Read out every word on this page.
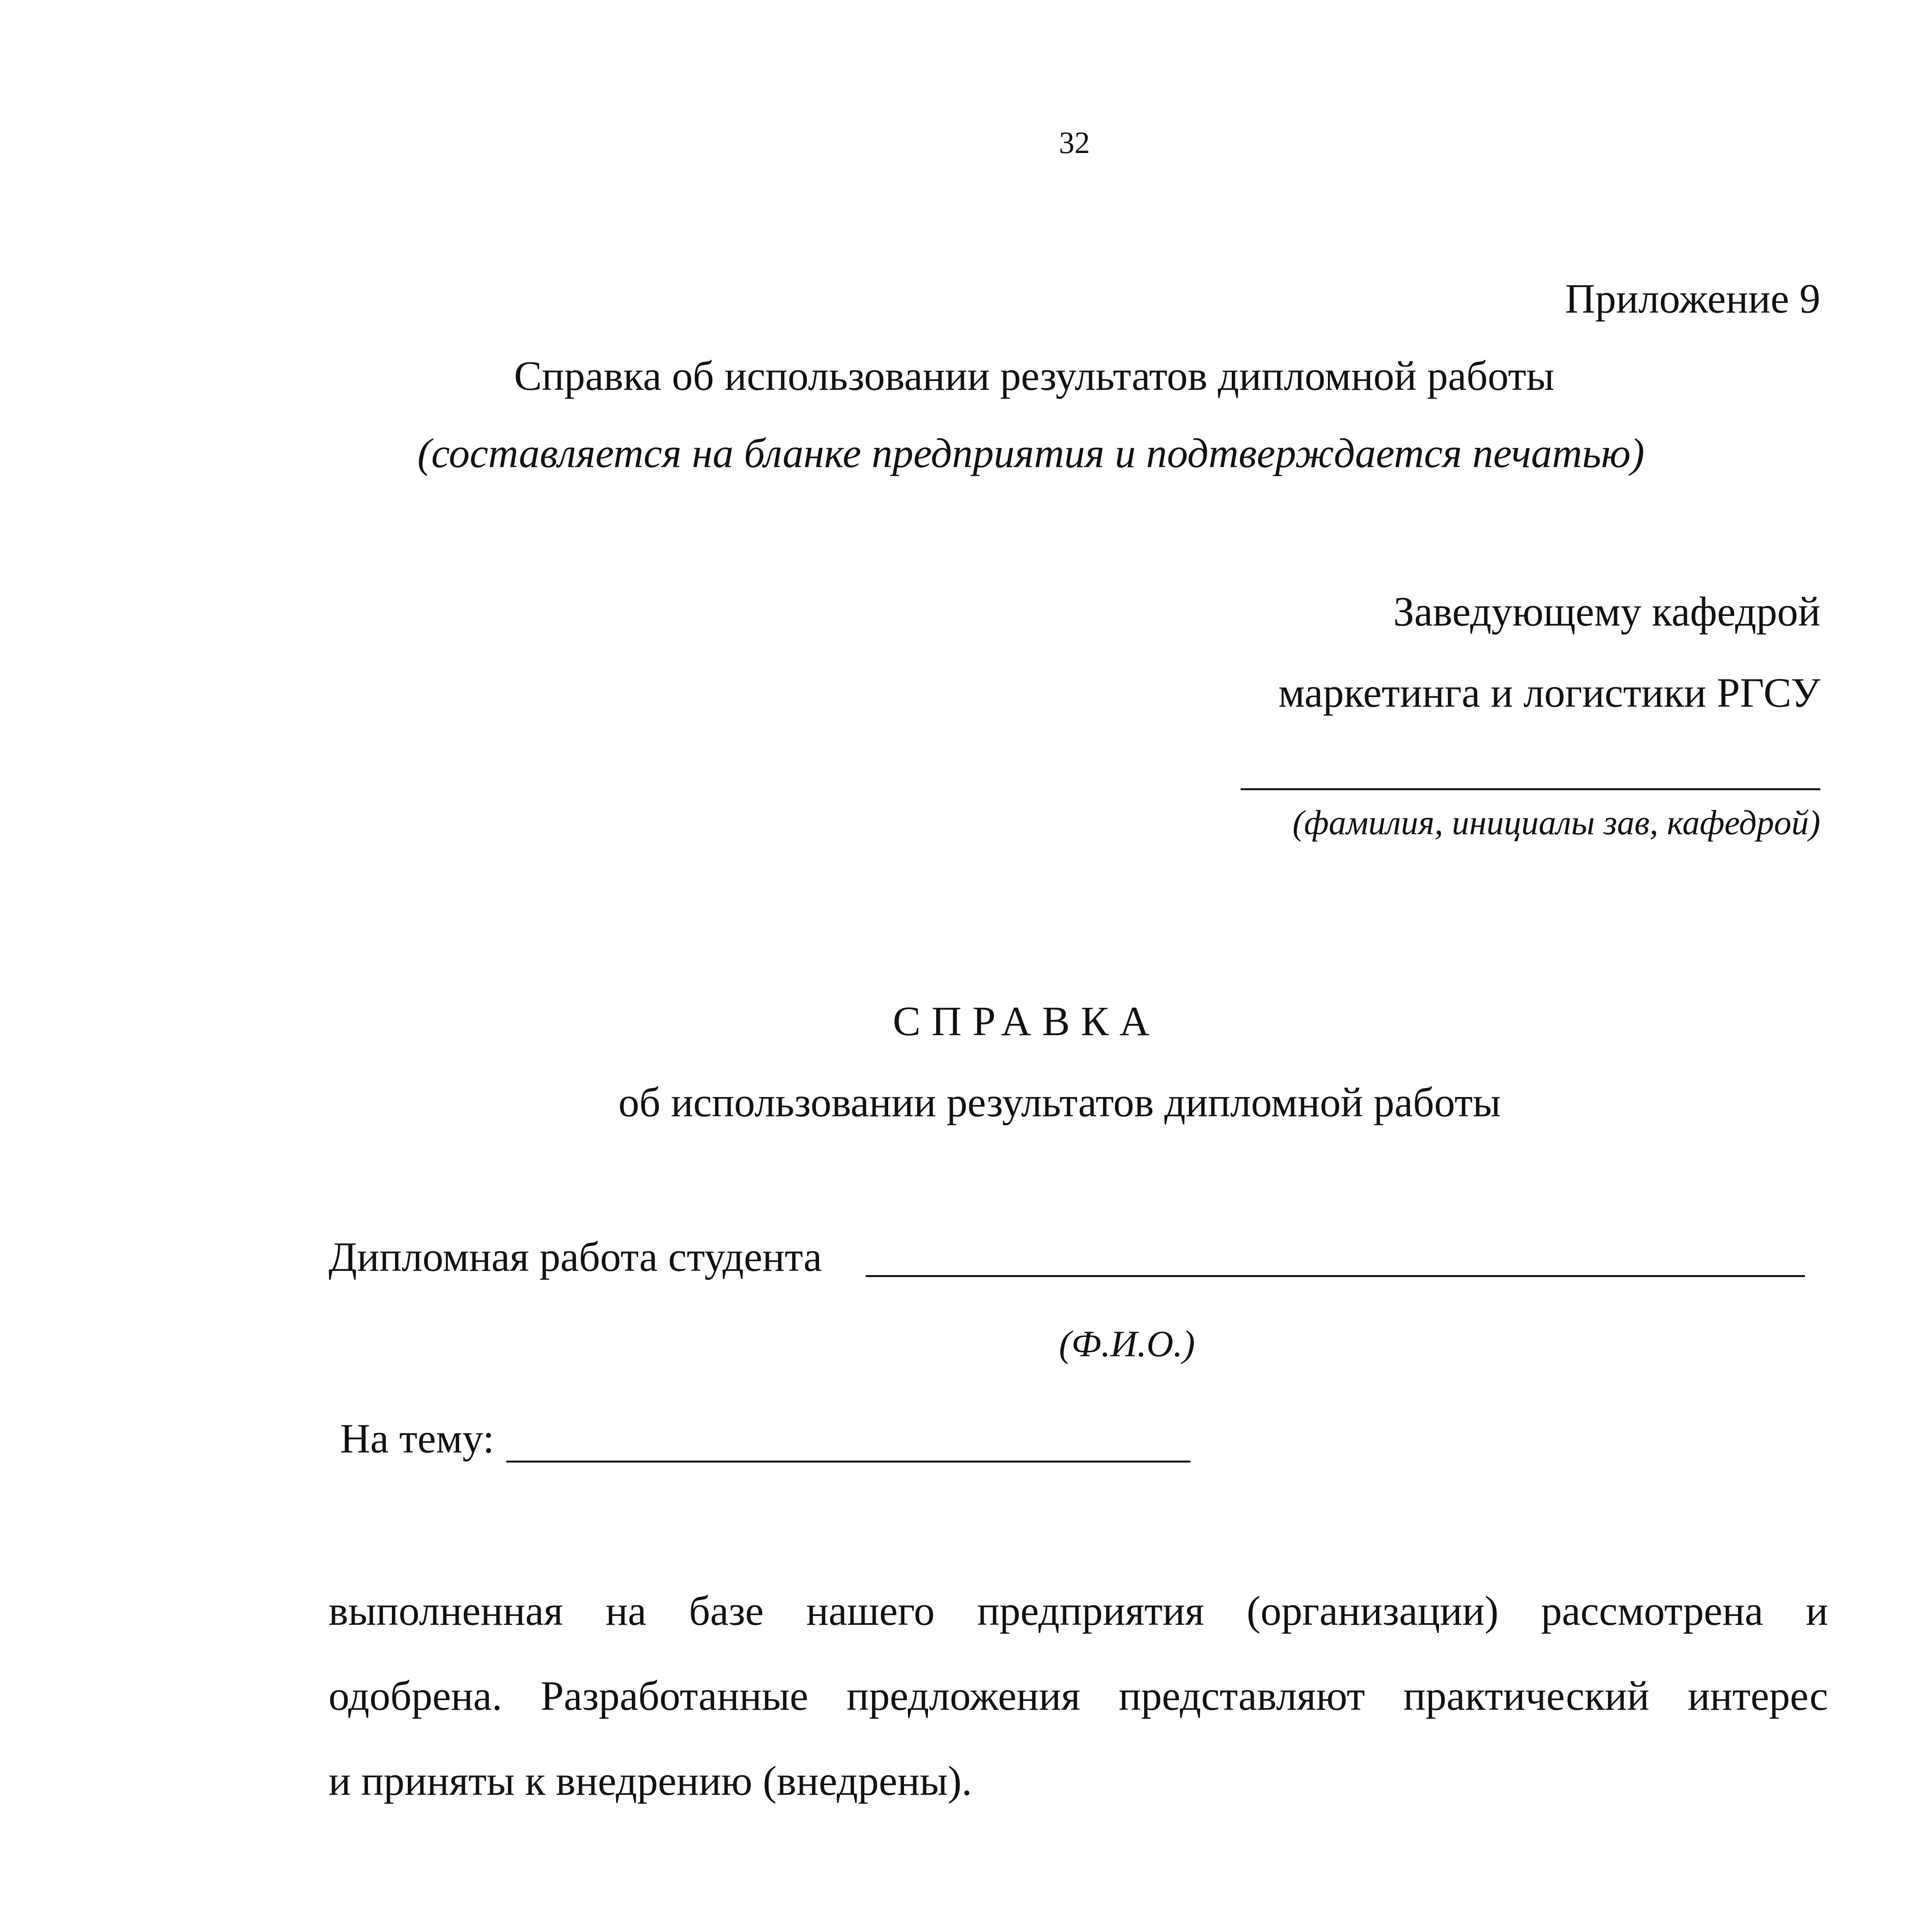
32
Приложение 9
Справка об использовании результатов дипломной работы
(составляется на бланке предприятия и подтверждается печатью)
Заведующему кафедрой
маркетинга и логистики РГСУ
(фамилия, инициалы зав, кафедрой)
СПРАВКА
об использовании результатов дипломной работы
Дипломная работа студента
(Ф.И.О.)
На тему:
выполненная на базе нашего предприятия (организации) рассмотрена и
одобрена. Разработанные предложения представляют практический интерес
и приняты к внедрению (внедрены).
